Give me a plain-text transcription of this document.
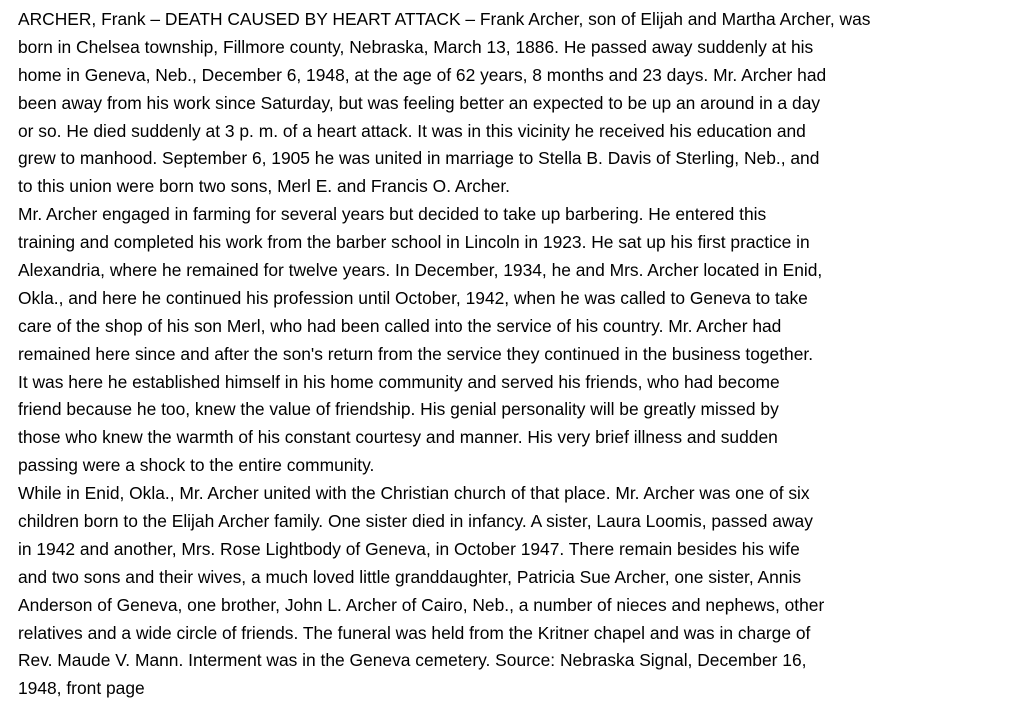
ARCHER, Frank – DEATH CAUSED BY HEART ATTACK – Frank Archer, son of Elijah and Martha Archer, was
born in Chelsea township, Fillmore county, Nebraska, March 13, 1886. He passed away suddenly at his
home in Geneva, Neb., December 6, 1948, at the age of 62 years, 8 months and 23 days. Mr. Archer had
been away from his work since Saturday, but was feeling better an expected to be up an around in a day
or so. He died suddenly at 3 p. m. of a heart attack. It was in this vicinity he received his education and
grew to manhood. September 6, 1905 he was united in marriage to Stella B. Davis of Sterling, Neb., and
to this union were born two sons, Merl E. and Francis O. Archer.
Mr. Archer engaged in farming for several years but decided to take up barbering. He entered this
training and completed his work from the barber school in Lincoln in 1923. He sat up his first practice in
Alexandria, where he remained for twelve years. In December, 1934, he and Mrs. Archer located in Enid,
Okla., and here he continued his profession until October, 1942, when he was called to Geneva to take
care of the shop of his son Merl, who had been called into the service of his country. Mr. Archer had
remained here since and after the son's return from the service they continued in the business together.
It was here he established himself in his home community and served his friends, who had become
friend because he too, knew the value of friendship. His genial personality will be greatly missed by
those who knew the warmth of his constant courtesy and manner. His very brief illness and sudden
passing were a shock to the entire community.
While in Enid, Okla., Mr. Archer united with the Christian church of that place. Mr. Archer was one of six
children born to the Elijah Archer family. One sister died in infancy. A sister, Laura Loomis, passed away
in 1942 and another, Mrs. Rose Lightbody of Geneva, in October 1947. There remain besides his wife
and two sons and their wives, a much loved little granddaughter, Patricia Sue Archer, one sister, Annis
Anderson of Geneva, one brother, John L. Archer of Cairo, Neb., a number of nieces and nephews, other
relatives and a wide circle of friends. The funeral was held from the Kritner chapel and was in charge of
Rev. Maude V. Mann. Interment was in the Geneva cemetery. Source: Nebraska Signal, December 16,
1948, front page
